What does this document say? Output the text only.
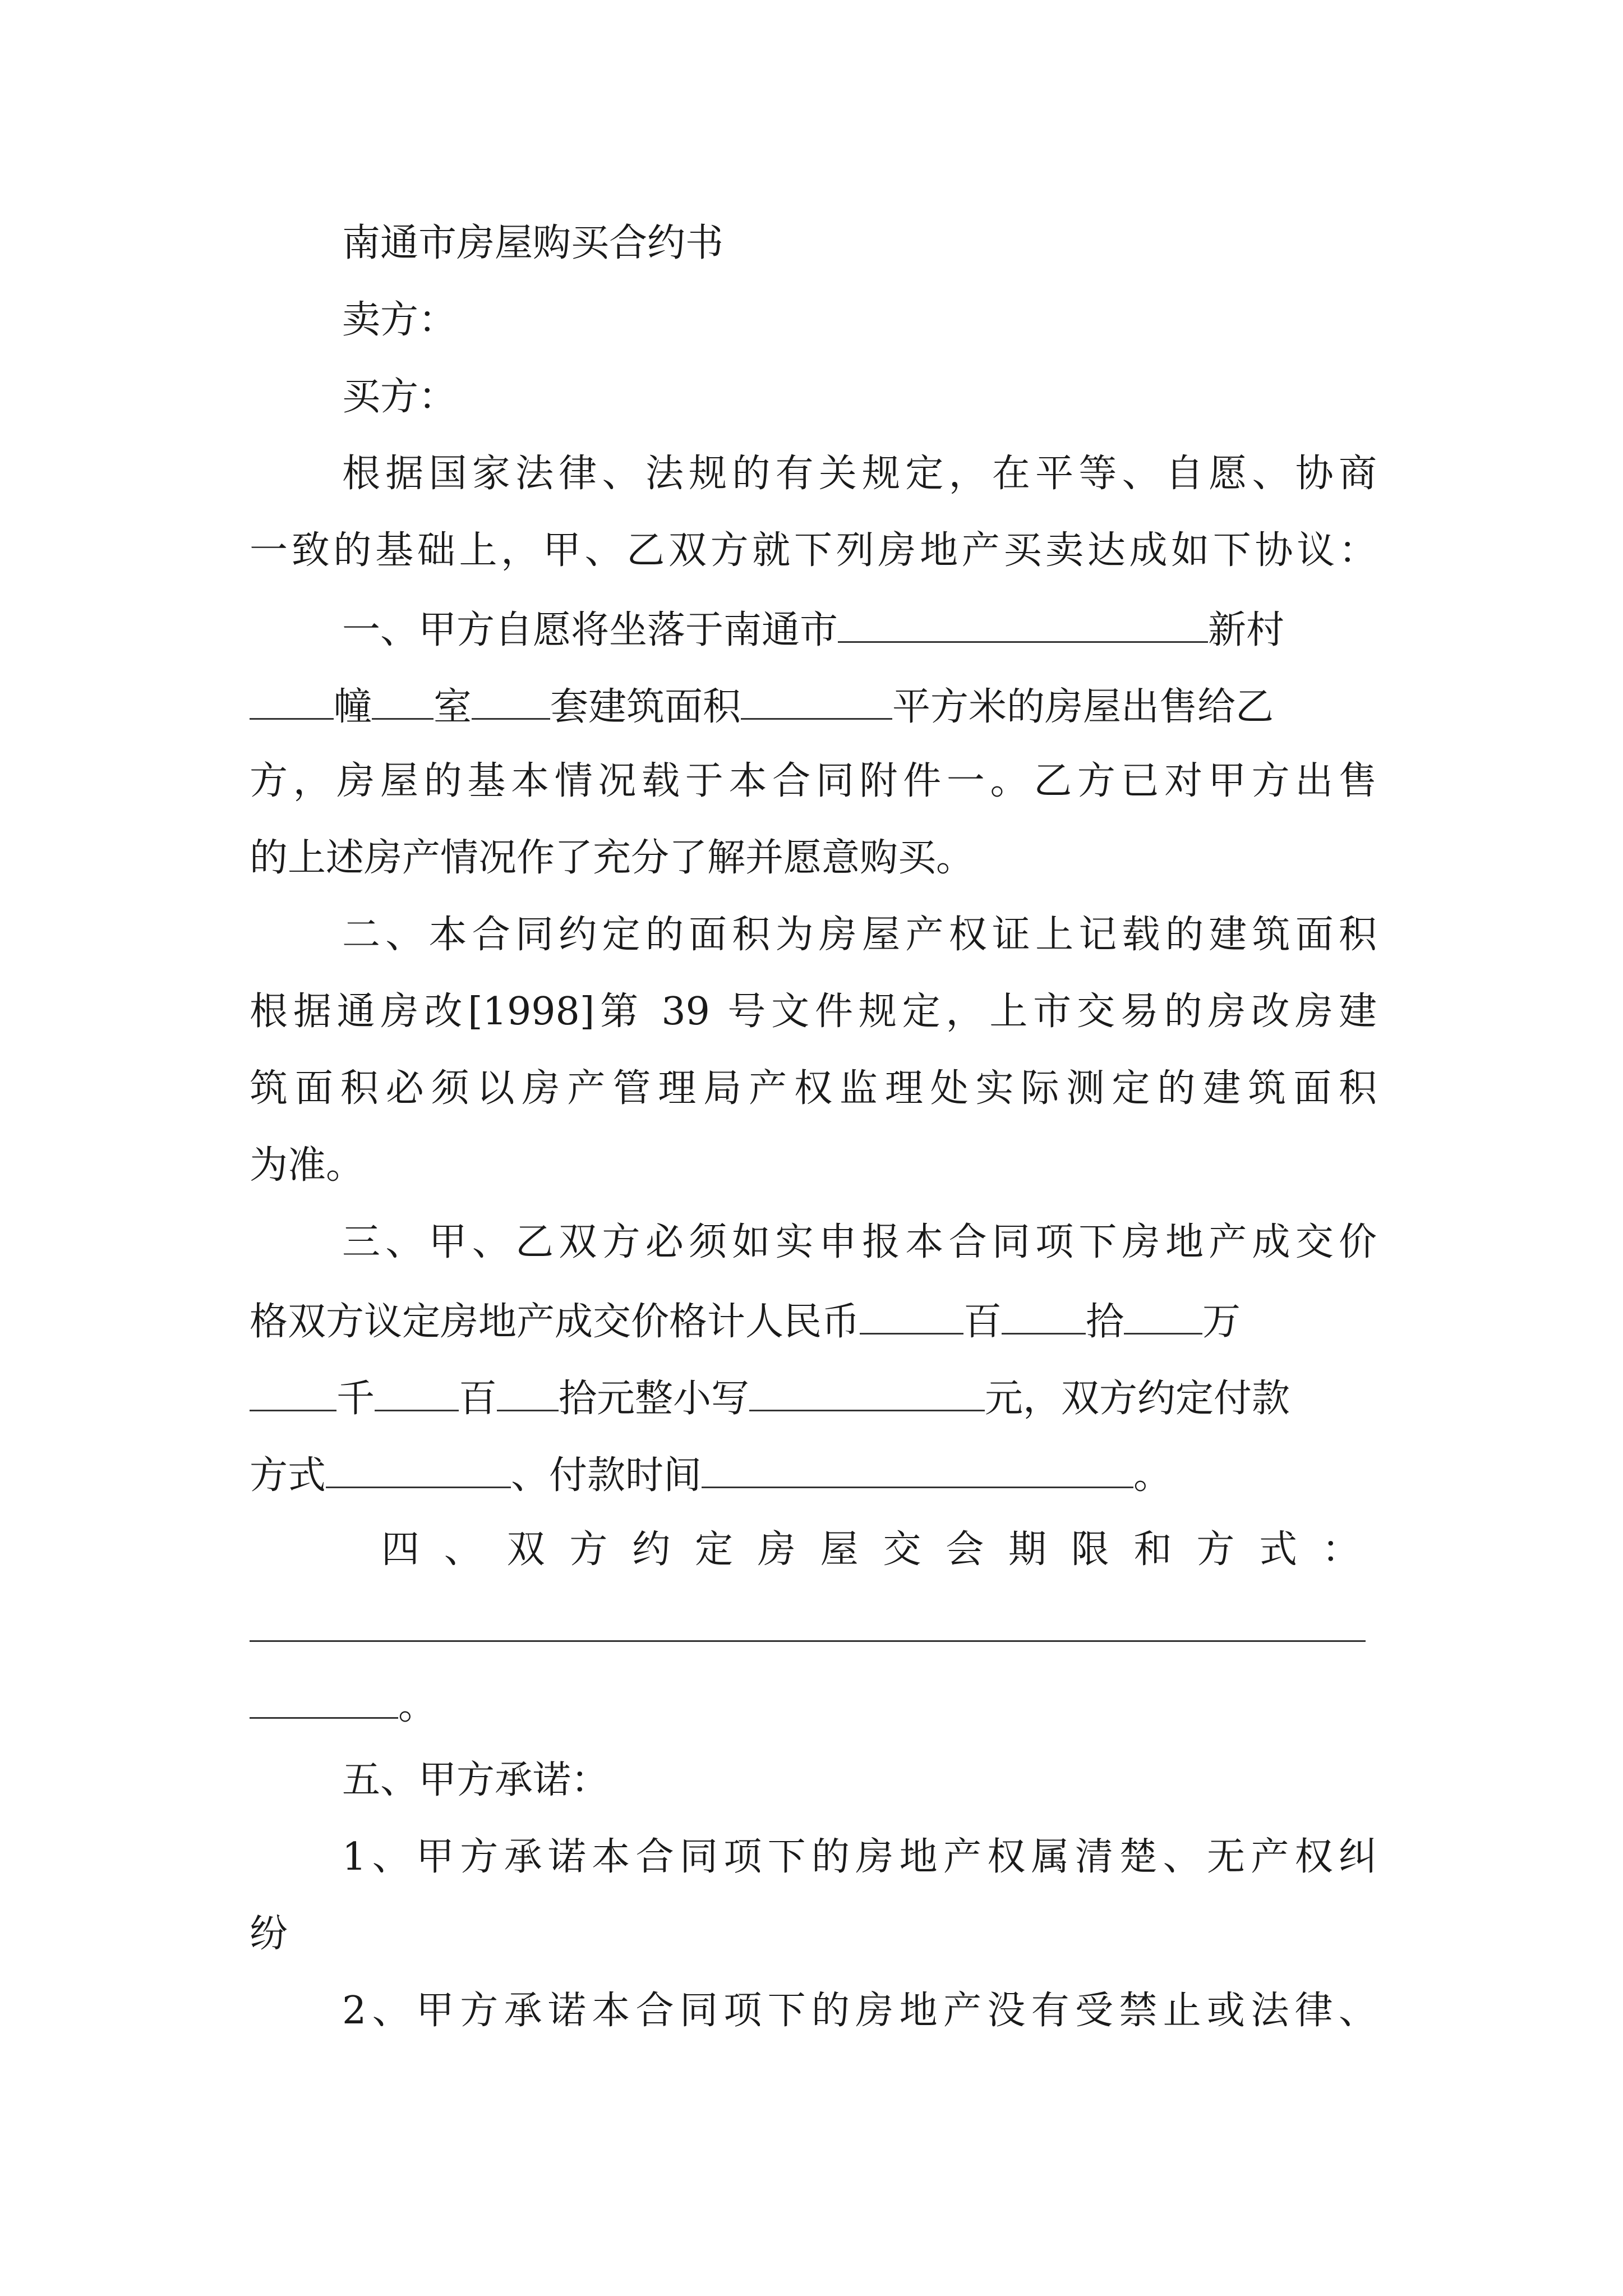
南通市房屋购买合约书
卖方：
买方：
根据国家法律、法规的有关规定，在平等、自愿、协商
一致的基础上，甲、乙双方就下列房地产买卖达成如下协议：
一、甲方自愿将坐落于南通市	新村
幢 室 套建筑面积	平方米的房屋出售给乙
方，房屋的基本情况载于本合同附件一。乙方已对甲方出售
的上述房产情况作了充分了解并愿意购买。
二、本合同约定的面积为房屋产权证上记载的建筑面积
根据通房改[1998]第 39 号文件规定，上市交易的房改房建
筑面积必须以房产管理局产权监理处实际测定的建筑面积
为准。
三、甲、乙双方必须如实申报本合同项下房地产成交价
格双方议定房地产成交价格计人民币	百 拾 万
千 百 拾元整小写	元，双方约定付款
方式	、付款时间	。
四、双方约定房屋交会期限和方式：
。
五、甲方承诺：
1、甲方承诺本合同项下的房地产权属清楚、无产权纠
纷
2、甲方承诺本合同项下的房地产没有受禁止或法律、
